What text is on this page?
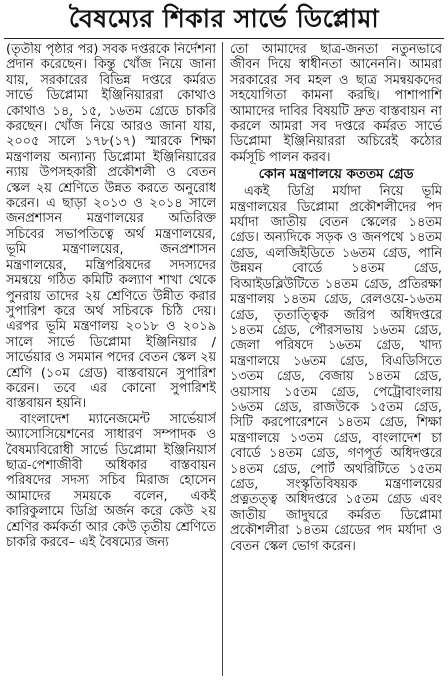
বৈষম্যের শিকার সার্ভে ডিপ্লোমা

(তৃতীয় পৃষ্ঠার পর) সবক দপ্তরকে নির্দেশনা প্রদান করেছেন। কিন্তু খোঁজ নিয়ে জানা যায়, সরকারের বিভিন্ন দপ্তরে কর্মরত সার্ভে ডিপ্লোমা ইঞ্জিনিয়াররা কোথাও কোথাও ১৪, ১৫, ১৬তম গ্রেডে চাকরি করছেন। খোঁজ নিয়ে আরও জানা যায়, ২০০৫ সালে ১৭৮(১৭) স্মারকে শিক্ষা মন্ত্রণালয় অন্যান্য ডিপ্লোমা ইঞ্জিনিয়ারের ন্যায় উপসহকারী প্রকৌশলী ও বেতন স্কেল ২য় শ্রেণিতে উন্নত করতে অনুরোধ করেন। এ ছাড়া ২০১৩ ও ২০১৪ সালে জনপ্রশাসন মন্ত্রণালয়ের অতিরিক্ত সচিবের সভাপতিত্বে অর্থ মন্ত্রণালয়ের, ভূমি মন্ত্রণালয়ের, জনপ্রশাসন মন্ত্রণালয়ের, মন্ত্রিপরিষদের সদস্যদের সমন্বয়ে গঠিত কমিটি কল্যাণ শাখা থেকে পুনরায় তাদের ২য় শ্রেণিতে উন্নীত করার সুপারিশ করে অর্থ সচিবকে চিঠি দেয়। এরপর ভূমি মন্ত্রণালয় ২০১৮ ও ২০১৯ সালে সার্ভে ডিপ্লোমা ইঞ্জিনিয়ার / সার্ভেয়ার ও সমমান পদের বেতন স্কেল ২য় শ্রেণি (১০ম গ্রেড) বাস্তবায়নে সুপারিশ করেন। তবে এর কোনো সুপারিশই বাস্তবায়ন হয়নি।

বাংলাদেশ ম্যানেজমেন্ট সার্ভেয়ার্স অ্যাসোসিয়েশনের সাধারণ সম্পাদক ও বৈষম্যবিরোধী সার্ভে ডিপ্লোমা ইঞ্জিনিয়ার্স ছাত্র-পেশাজীবী অধিকার বাস্তবায়ন পরিষদের সদস্য সচিব মিরাজ হোসেন আমাদের সময়কে বলেন, একই কারিকুলামে ডিগ্রি অর্জন করে কেউ ২য় শ্রেণির কর্মকর্তা আর কেউ তৃতীয় শ্রেণিতে চাকরি করবে– এই বৈষম্যের জন্য

তো আমাদের ছাত্র-জনতা নতুনভাবে জীবন দিয়ে স্বাধীনতা আনেননি। আমরা সরকারের সব মহল ও ছাত্র সমন্বয়কদের সহযোগিতা কামনা করছি। পাশাপাশি আমাদের দাবির বিষয়টি দ্রুত বাস্তবায়ন না করলে আমরা সব দপ্তরে কর্মরত সার্ভে ডিপ্লোমা ইঞ্জিনিয়াররা অচিরেই কঠোর কর্মসূচি পালন করব।

কোন মন্ত্রণালয়ে কততম গ্রেড

একই ডিগ্রি মর্যাদা নিয়ে ভূমি মন্ত্রণালয়ের ডিপ্লোমা প্রকৌশলীদের পদ মর্যাদা জাতীয় বেতন স্কেলের ১৪তম গ্রেড। অন্যদিকে সড়ক ও জনপথে ১৪তম গ্রেড, এলজিইডিতে ১৬তম গ্রেড, পানি উন্নয়ন বোর্ডে ১৪তম গ্রেড, বিআইডব্লিউটিতে ১৪তম গ্রেড, প্রতিরক্ষা মন্ত্রণালয় ১৪তম গ্রেড, রেলওয়ে-১৬তম গ্রেড, তৃতাত্ত্বিক জরিপ অধিদপ্তরে ১৪তম গ্রেড, পৌরসভায় ১৬তম গ্রেড, জেলা পরিষদে ১৬তম গ্রেড, খাদ্য মন্ত্রণালয়ে ১৬তম গ্রেড, বিএডিসিতে ১৩তম গ্রেড, বেজায় ১৪তম গ্রেড, ওয়াসায় ১৫তম গ্রেড, পেট্রোবাংলায় ১৬তম গ্রেড, রাজউকে ১৫তম গ্রেড, সিটি করপোরেশনে ১৪তম গ্রেড, শিক্ষা মন্ত্রণালয়ে ১৩তম গ্রেড, বাংলাদেশ চা বোর্ডে ১৪তম গ্রেড, গণপূর্ত অধিদপ্তরে ১৪তম গ্রেড, পোর্ট অথরিটিতে ১৫তম গ্রেড, সংস্কৃতিবিষয়ক মন্ত্রণালয়ের প্রত্নতত্ত্ব অধিদপ্তরে ১৫তম গ্রেড এবং জাতীয় জাদুঘরে কর্মরত ডিপ্লোমা প্রকৌশলীরা ১৪তম গ্রেডের পদ মর্যাদা ও বেতন স্কেল ভোগ করেন।
